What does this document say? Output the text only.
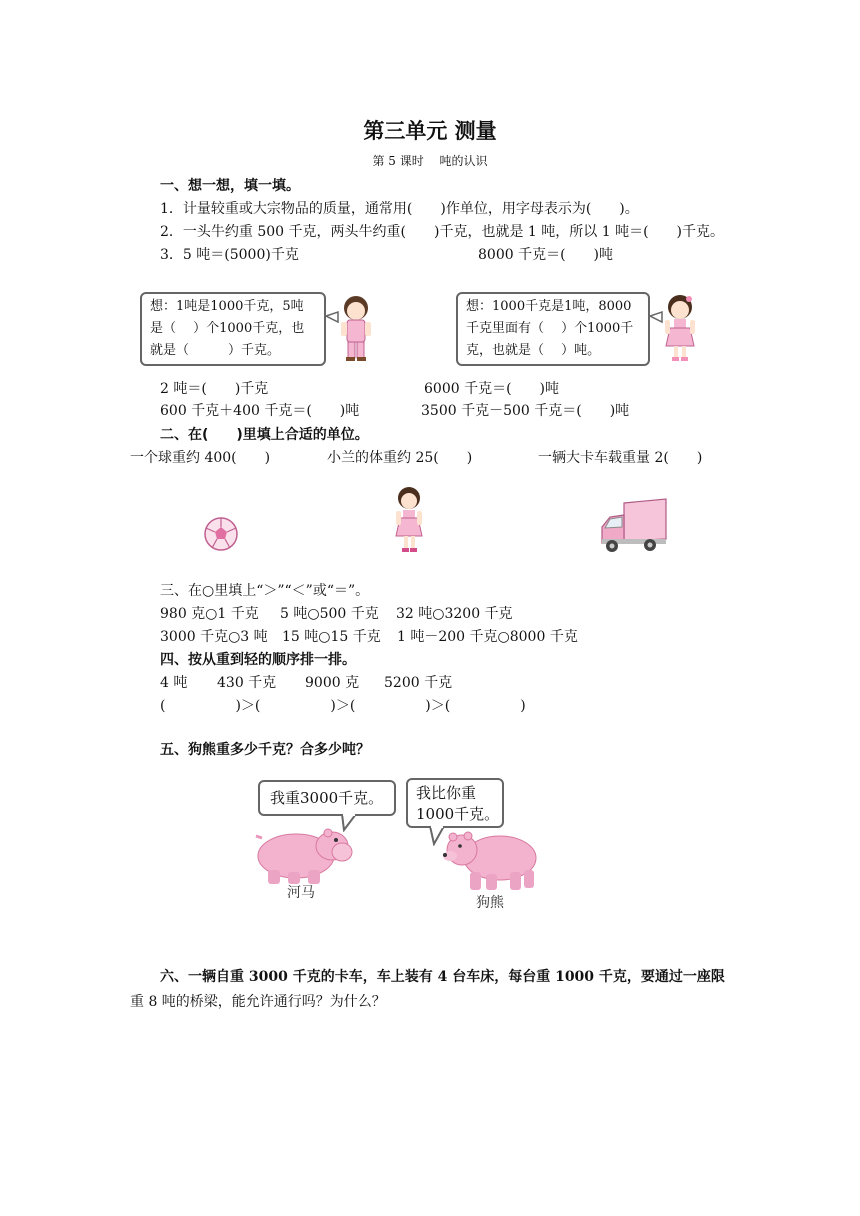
第三单元 测量
第 5 课时　 吨的认识
一、想一想，填一填。
1．计量较重或大宗物品的质量，通常用(　　)作单位，用字母表示为(　　)。
2．一头牛约重 500 千克，两头牛约重(　　)千克，也就是 1 吨，所以 1 吨＝(　　)千克。
3．5 吨＝(5000)千克	8000 千克＝(　　)吨
想：1吨是1000千克，5吨
是（　 ）个1000千克，也
就是（　　　）千克。
想：1000千克是1吨，8000
千克里面有（　 ）个1000千
克，也就是（　 ）吨。
2 吨＝(　　)千克	6000 千克＝(　　)吨
600 千克＋400 千克＝(　　)吨	3500 千克－500 千克＝(　　)吨
二、在(　　)里填上合适的单位。
一个球重约 400(　　)	小兰的体重约 25(　　)	一辆大卡车载重量 2(　　)
三、在○里填上“＞”“＜”或“＝”。
980 克○1 千克 5 吨○500 千克 32 吨○3200 千克
3000 千克○3 吨 15 吨○15 千克 1 吨－200 千克○8000 千克
四、按从重到轻的顺序排一排。
4 吨 430 千克 9000 克 5200 千克
(　　　　　)＞(　　　　　)＞(　　　　　)＞(　　　　　)
五、狗熊重多少千克？合多少吨？
我重3000千克。 我比你重
1000千克。
河马
狗熊
六、一辆自重 3000 千克的卡车，车上装有 4 台车床，每台重 1000 千克，要通过一座限
重 8 吨的桥梁，能允许通行吗？为什么？
